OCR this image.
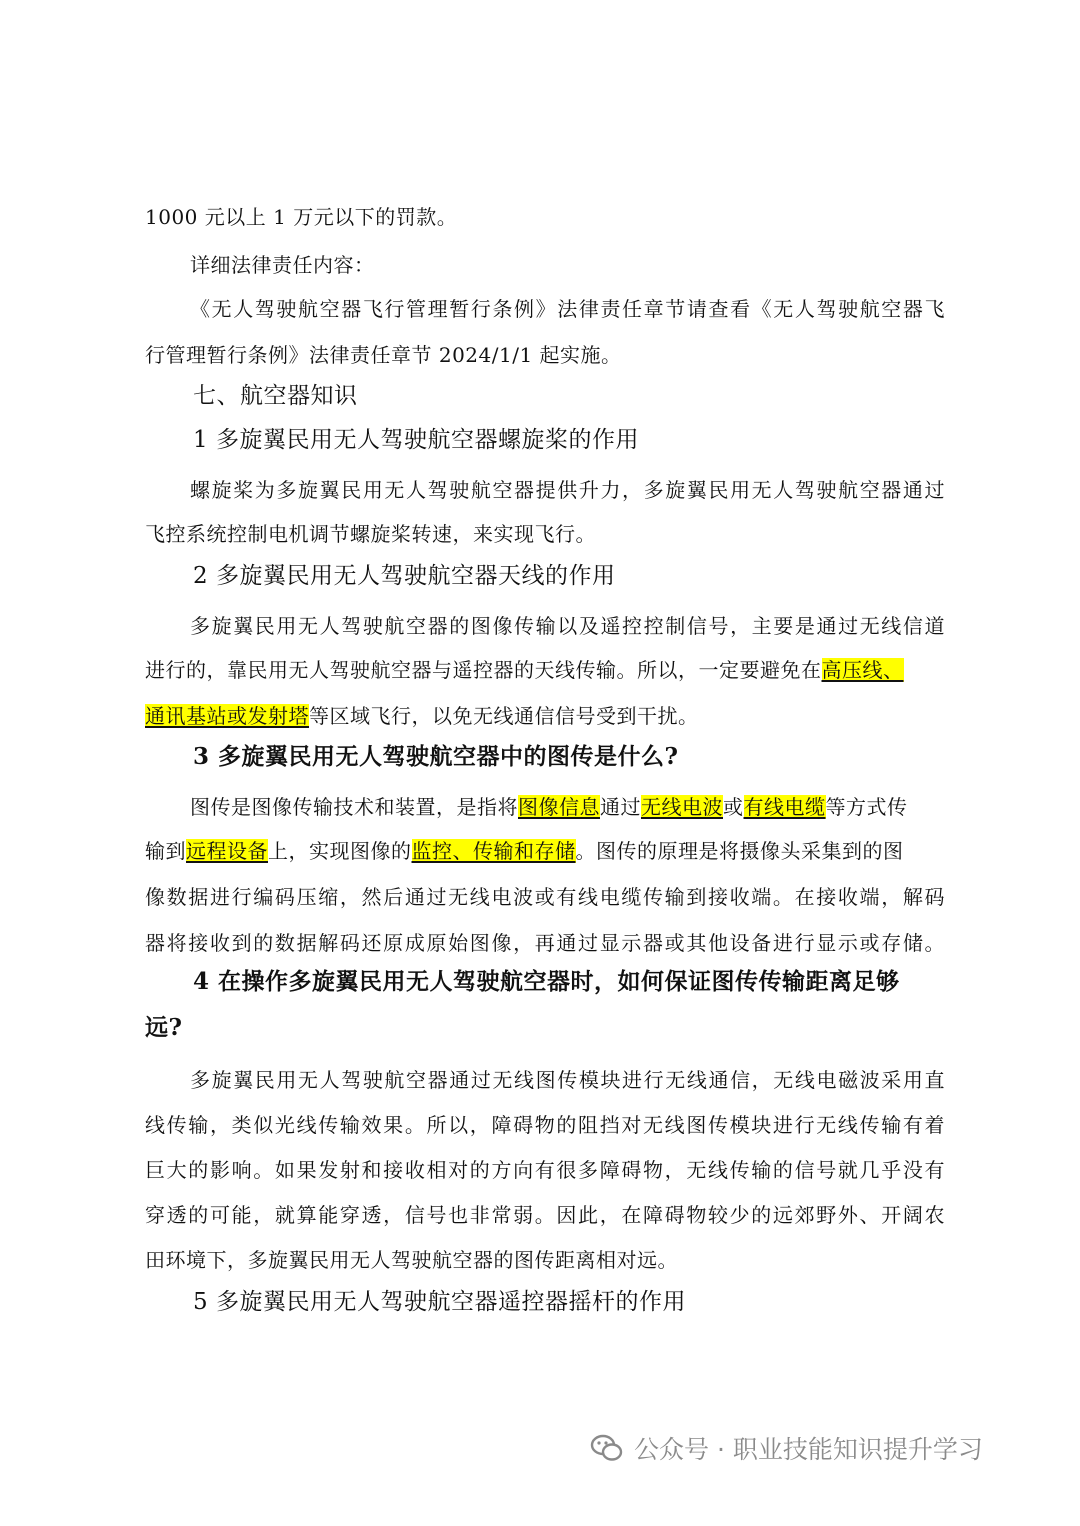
1000 元以上 1 万元以下的罚款。
详细法律责任内容：
《无人驾驶航空器飞行管理暂行条例》法律责任章节请查看《无人驾驶航空器飞
行管理暂行条例》法律责任章节 2024/1/1 起实施。
七、航空器知识
1 多旋翼民用无人驾驶航空器螺旋桨的作用
螺旋桨为多旋翼民用无人驾驶航空器提供升力，多旋翼民用无人驾驶航空器通过
飞控系统控制电机调节螺旋桨转速，来实现飞行。
2 多旋翼民用无人驾驶航空器天线的作用
多旋翼民用无人驾驶航空器的图像传输以及遥控控制信号，主要是通过无线信道
进行的，靠民用无人驾驶航空器与遥控器的天线传输。所以，一定要避免在高压线、
通讯基站或发射塔等区域飞行，以免无线通信信号受到干扰。
3 多旋翼民用无人驾驶航空器中的图传是什么?
图传是图像传输技术和装置，是指将图像信息通过无线电波或有线电缆等方式传
输到远程设备上，实现图像的监控、传输和存储。图传的原理是将摄像头采集到的图
像数据进行编码压缩，然后通过无线电波或有线电缆传输到接收端。在接收端，解码
器将接收到的数据解码还原成原始图像，再通过显示器或其他设备进行显示或存储。
4 在操作多旋翼民用无人驾驶航空器时，如何保证图传传输距离足够
远?
多旋翼民用无人驾驶航空器通过无线图传模块进行无线通信，无线电磁波采用直
线传输，类似光线传输效果。所以，障碍物的阻挡对无线图传模块进行无线传输有着
巨大的影响。如果发射和接收相对的方向有很多障碍物，无线传输的信号就几乎没有
穿透的可能，就算能穿透，信号也非常弱。因此，在障碍物较少的远郊野外、开阔农
田环境下，多旋翼民用无人驾驶航空器的图传距离相对远。
5 多旋翼民用无人驾驶航空器遥控器摇杆的作用
公众号 · 职业技能知识提升学习
